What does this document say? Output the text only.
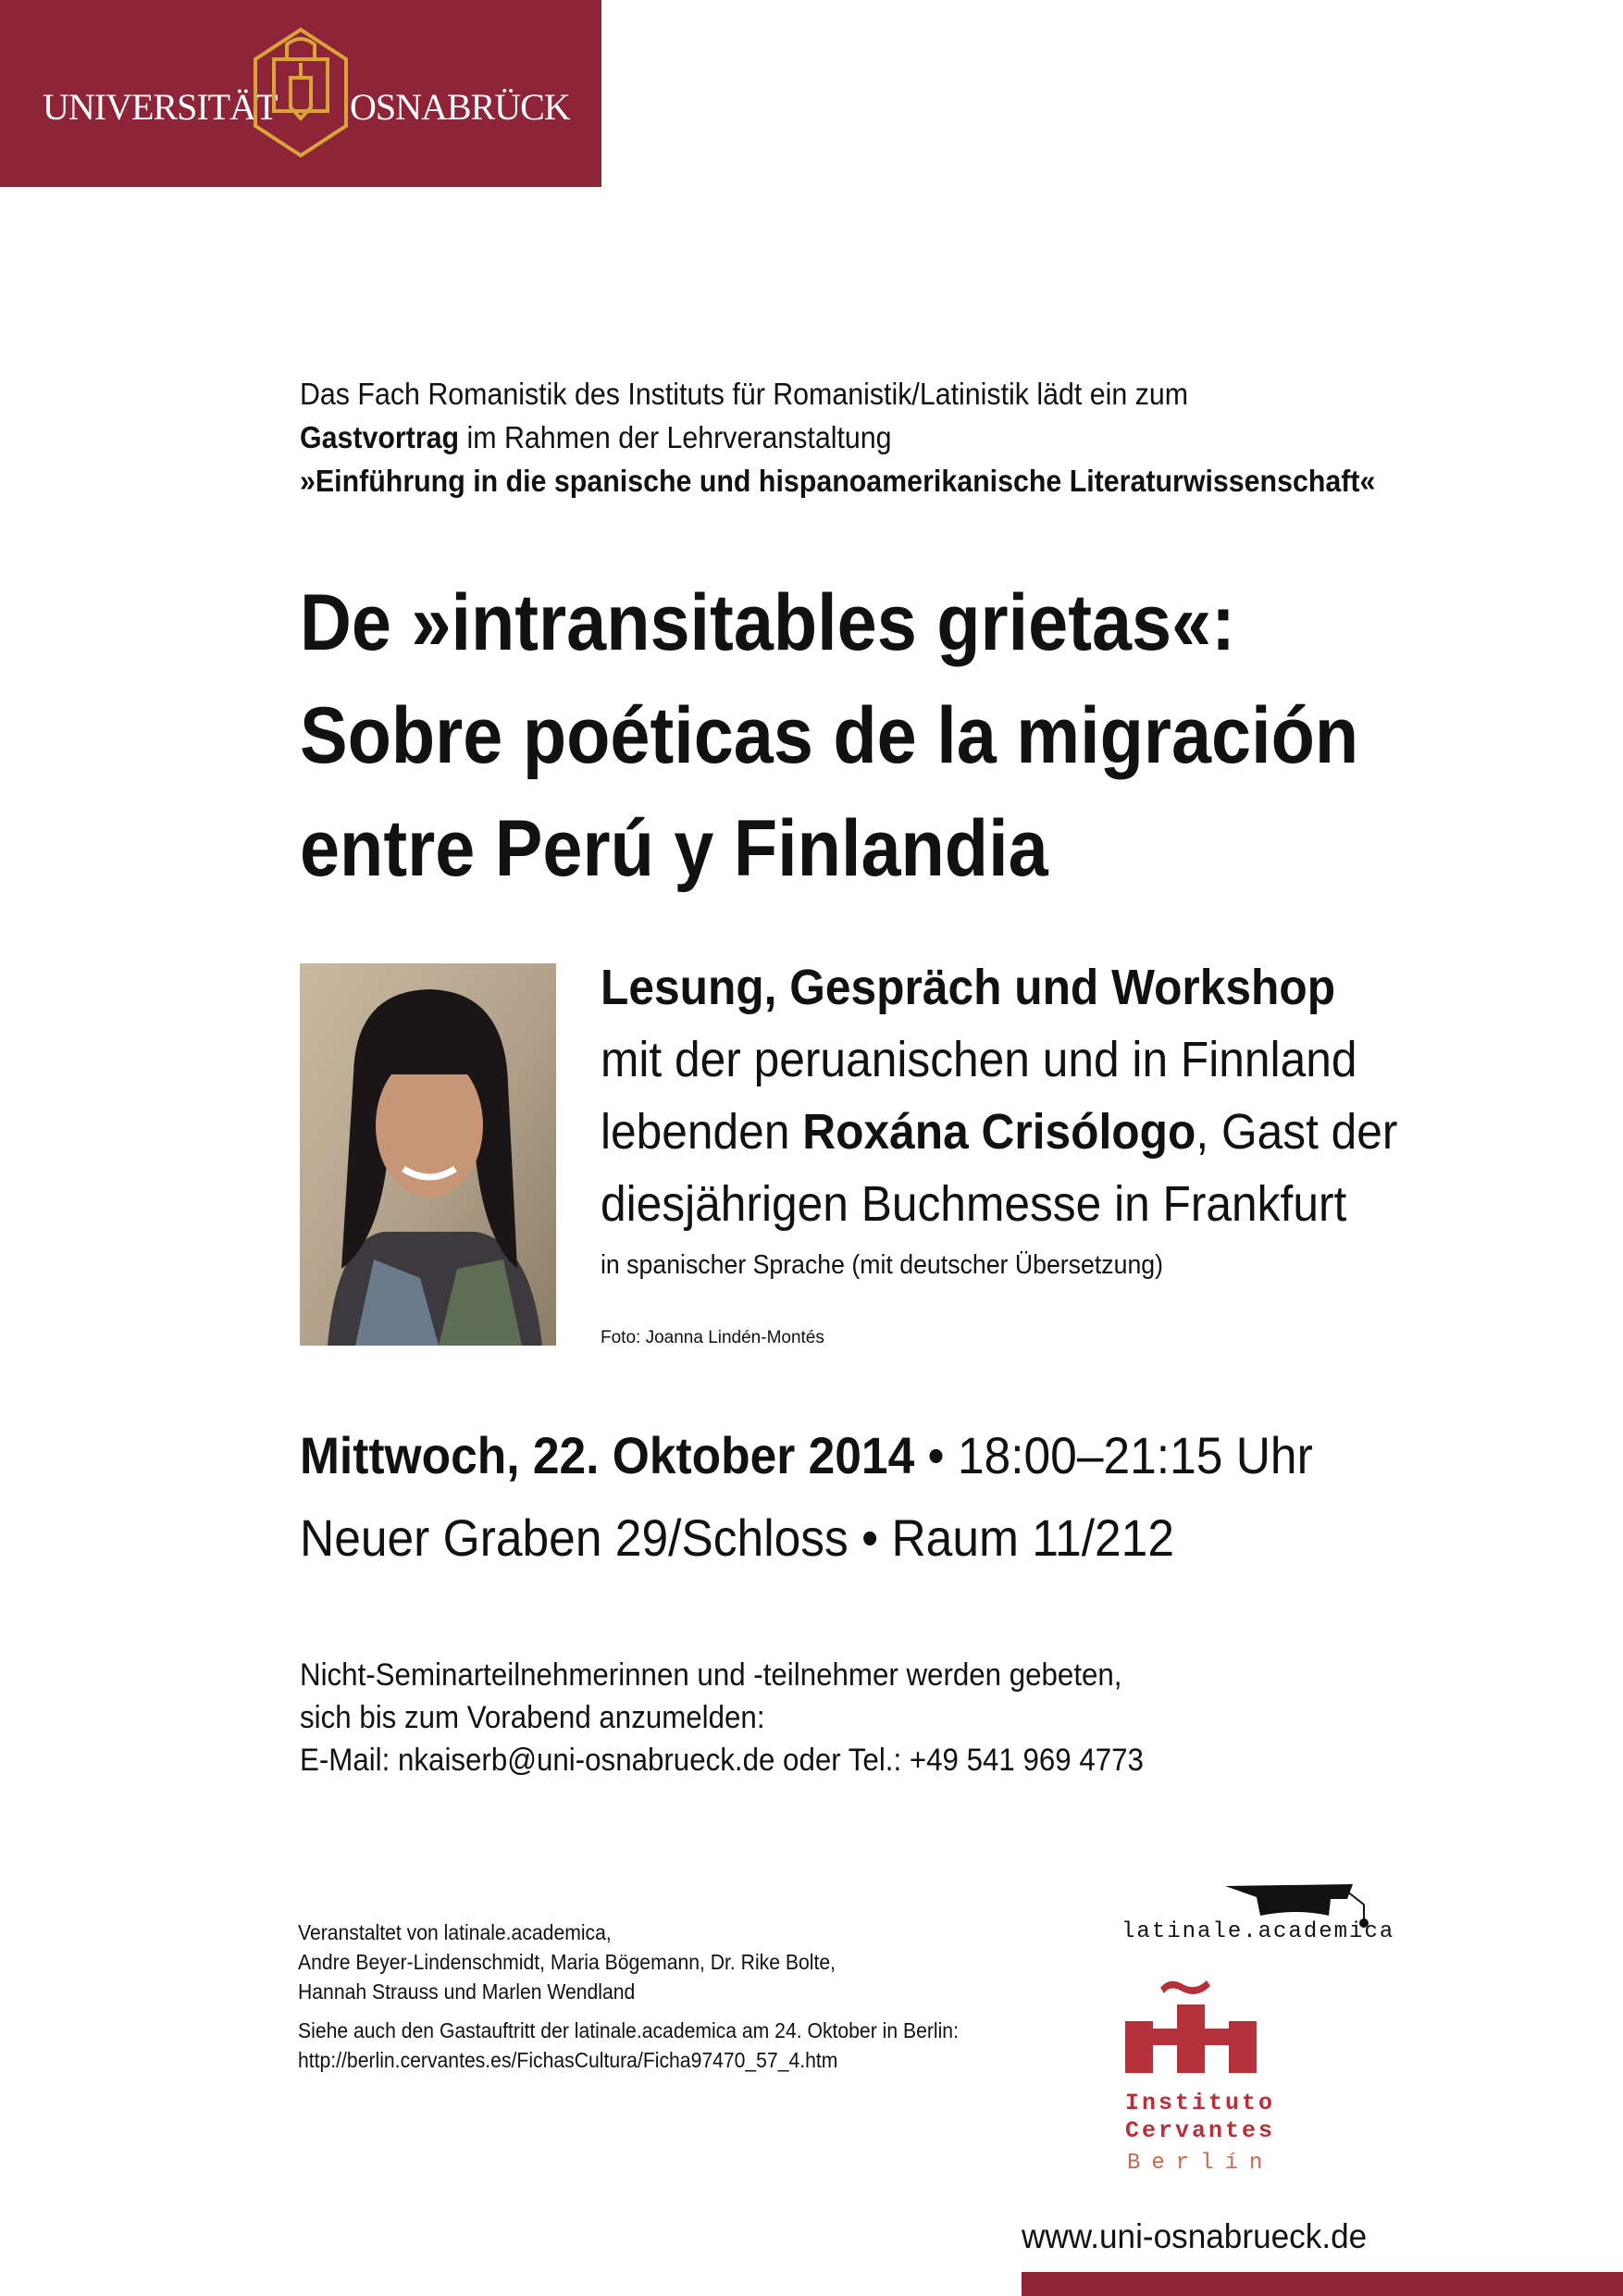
UNIVERSITÄT OSNABRÜCK
Das Fach Romanistik des Instituts für Romanistik/Latinistik lädt ein zum
Gastvortrag im Rahmen der Lehrveranstaltung
»Einführung in die spanische und hispanoamerikanische Literaturwissenschaft«
De »intransitables grietas«:
Sobre poéticas de la migración
entre Perú y Finlandia
Lesung, Gespräch und Workshop
mit der peruanischen und in Finnland
lebenden Roxána Crisólogo, Gast der
diesjährigen Buchmesse in Frankfurt
in spanischer Sprache (mit deutscher Übersetzung)
Foto: Joanna Lindén-Montés
Mittwoch, 22. Oktober 2014 • 18:00–21:15 Uhr
Neuer Graben 29/Schloss • Raum 11/212
Nicht-Seminarteilnehmerinnen und -teilnehmer werden gebeten,
sich bis zum Vorabend anzumelden:
E-Mail: nkaiserb@uni-osnabrueck.de oder Tel.: +49 541 969 4773
Veranstaltet von latinale.academica,
Andre Beyer-Lindenschmidt, Maria Bögemann, Dr. Rike Bolte,
Hannah Strauss und Marlen Wendland
Siehe auch den Gastauftritt der latinale.academica am 24. Oktober in Berlin:
http://berlin.cervantes.es/FichasCultura/Ficha97470_57_4.htm
latinale.academica
Instituto
Cervantes
Berlín
www.uni-osnabrueck.de
